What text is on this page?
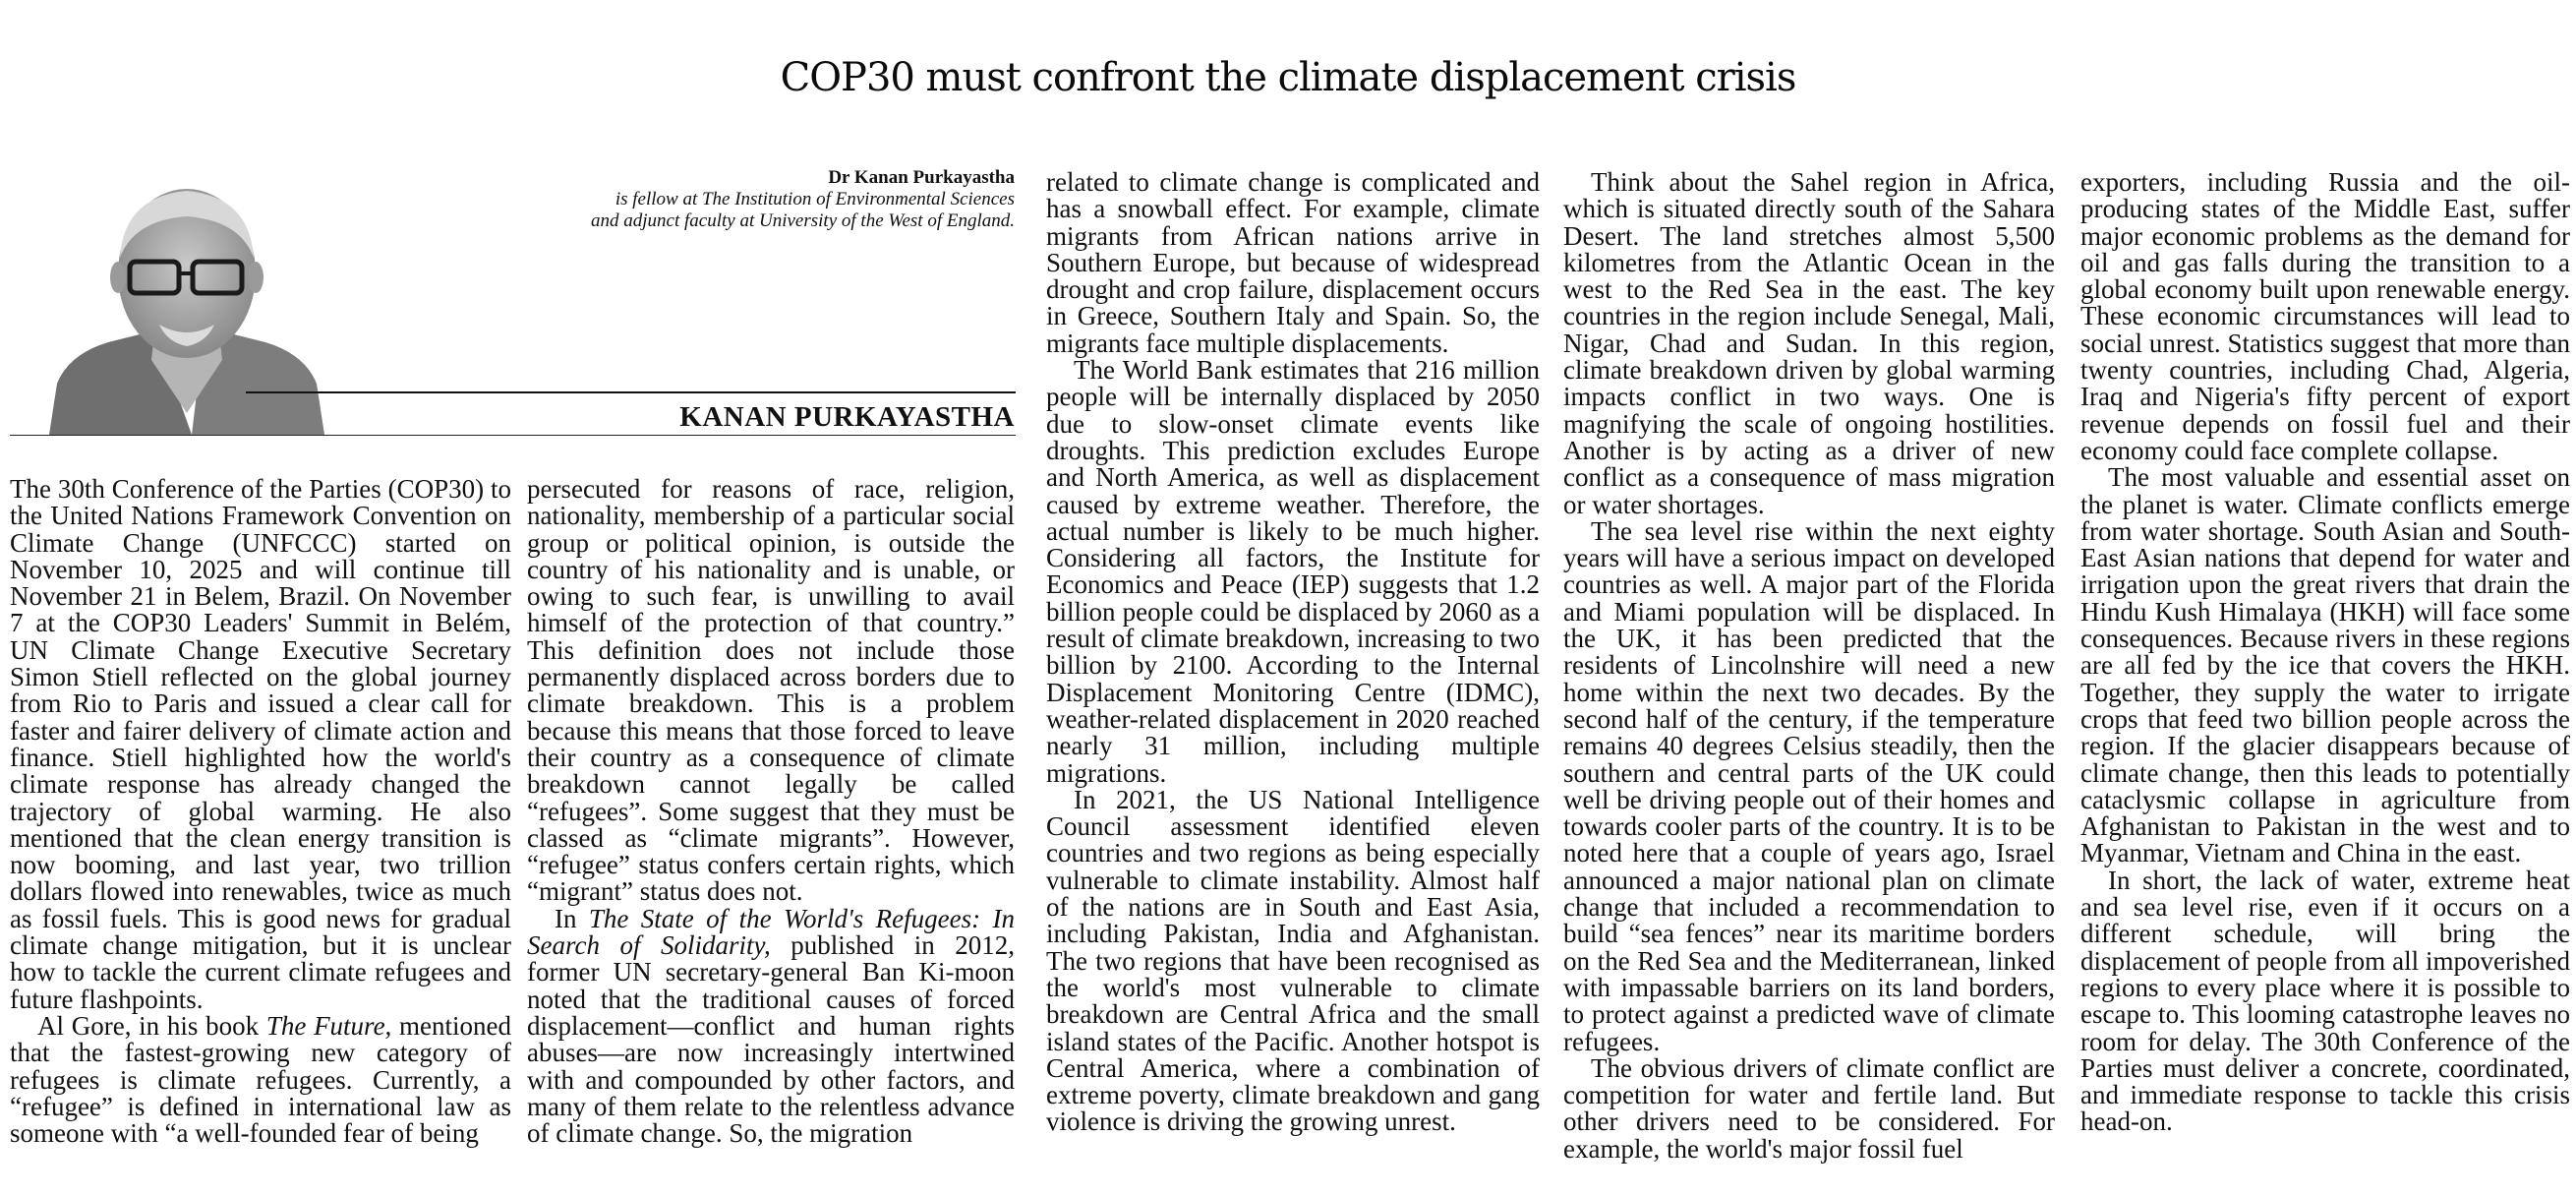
COP30 must confront the climate displacement crisis
Dr Kanan Purkayastha
is fellow at The Institution of Environmental Sciences and adjunct faculty at University of the West of England.
KANAN PURKAYASTHA

The 30th Conference of the Parties (COP30) to the United Nations Framework Convention on Climate Change (UNFCCC) started on November 10, 2025 and will continue till November 21 in Belem, Brazil. On November 7 at the COP30 Leaders' Summit in Belém, UN Climate Change Executive Secretary Simon Stiell reflected on the global journey from Rio to Paris and issued a clear call for faster and fairer delivery of climate action and finance. Stiell highlighted how the world's climate response has already changed the trajectory of global warming. He also mentioned that the clean energy transition is now booming, and last year, two trillion dollars flowed into renewables, twice as much as fossil fuels. This is good news for gradual climate change mitigation, but it is unclear how to tackle the current climate refugees and future flashpoints.

Al Gore, in his book The Future, mentioned that the fastest-growing new category of refugees is climate refugees. Currently, a “refugee” is defined in international law as someone with “a well-founded fear of being

persecuted for reasons of race, religion, nationality, membership of a particular social group or political opinion, is outside the country of his nationality and is unable, or owing to such fear, is unwilling to avail himself of the protection of that country.” This definition does not include those permanently displaced across borders due to climate breakdown. This is a problem because this means that those forced to leave their country as a consequence of climate breakdown cannot legally be called “refugees”. Some suggest that they must be classed as “climate migrants”. However, “refugee” status confers certain rights, which “migrant” status does not.

In The State of the World's Refugees: In Search of Solidarity, published in 2012, former UN secretary-general Ban Ki-moon noted that the traditional causes of forced displacement—conflict and human rights abuses—are now increasingly intertwined with and compounded by other factors, and many of them relate to the relentless advance of climate change. So, the migration

related to climate change is complicated and has a snowball effect. For example, climate migrants from African nations arrive in Southern Europe, but because of widespread drought and crop failure, displacement occurs in Greece, Southern Italy and Spain. So, the migrants face multiple displacements.

The World Bank estimates that 216 million people will be internally displaced by 2050 due to slow-onset climate events like droughts. This prediction excludes Europe and North America, as well as displacement caused by extreme weather. Therefore, the actual number is likely to be much higher. Considering all factors, the Institute for Economics and Peace (IEP) suggests that 1.2 billion people could be displaced by 2060 as a result of climate breakdown, increasing to two billion by 2100. According to the Internal Displacement Monitoring Centre (IDMC), weather-related displacement in 2020 reached nearly 31 million, including multiple migrations.

In 2021, the US National Intelligence Council assessment identified eleven countries and two regions as being especially vulnerable to climate instability. Almost half of the nations are in South and East Asia, including Pakistan, India and Afghanistan. The two regions that have been recognised as the world's most vulnerable to climate breakdown are Central Africa and the small island states of the Pacific. Another hotspot is Central America, where a combination of extreme poverty, climate breakdown and gang violence is driving the growing unrest.

Think about the Sahel region in Africa, which is situated directly south of the Sahara Desert. The land stretches almost 5,500 kilometres from the Atlantic Ocean in the west to the Red Sea in the east. The key countries in the region include Senegal, Mali, Nigar, Chad and Sudan. In this region, climate breakdown driven by global warming impacts conflict in two ways. One is magnifying the scale of ongoing hostilities. Another is by acting as a driver of new conflict as a consequence of mass migration or water shortages.

The sea level rise within the next eighty years will have a serious impact on developed countries as well. A major part of the Florida and Miami population will be displaced. In the UK, it has been predicted that the residents of Lincolnshire will need a new home within the next two decades. By the second half of the century, if the temperature remains 40 degrees Celsius steadily, then the southern and central parts of the UK could well be driving people out of their homes and towards cooler parts of the country. It is to be noted here that a couple of years ago, Israel announced a major national plan on climate change that included a recommendation to build “sea fences” near its maritime borders on the Red Sea and the Mediterranean, linked with impassable barriers on its land borders, to protect against a predicted wave of climate refugees.

The obvious drivers of climate conflict are competition for water and fertile land. But other drivers need to be considered. For example, the world's major fossil fuel

exporters, including Russia and the oil-producing states of the Middle East, suffer major economic problems as the demand for oil and gas falls during the transition to a global economy built upon renewable energy. These economic circumstances will lead to social unrest. Statistics suggest that more than twenty countries, including Chad, Algeria, Iraq and Nigeria's fifty percent of export revenue depends on fossil fuel and their economy could face complete collapse.

The most valuable and essential asset on the planet is water. Climate conflicts emerge from water shortage. South Asian and South-East Asian nations that depend for water and irrigation upon the great rivers that drain the Hindu Kush Himalaya (HKH) will face some consequences. Because rivers in these regions are all fed by the ice that covers the HKH. Together, they supply the water to irrigate crops that feed two billion people across the region. If the glacier disappears because of climate change, then this leads to potentially cataclysmic collapse in agriculture from Afghanistan to Pakistan in the west and to Myanmar, Vietnam and China in the east.

In short, the lack of water, extreme heat and sea level rise, even if it occurs on a different schedule, will bring the displacement of people from all impoverished regions to every place where it is possible to escape to. This looming catastrophe leaves no room for delay. The 30th Conference of the Parties must deliver a concrete, coordinated, and immediate response to tackle this crisis head-on.
